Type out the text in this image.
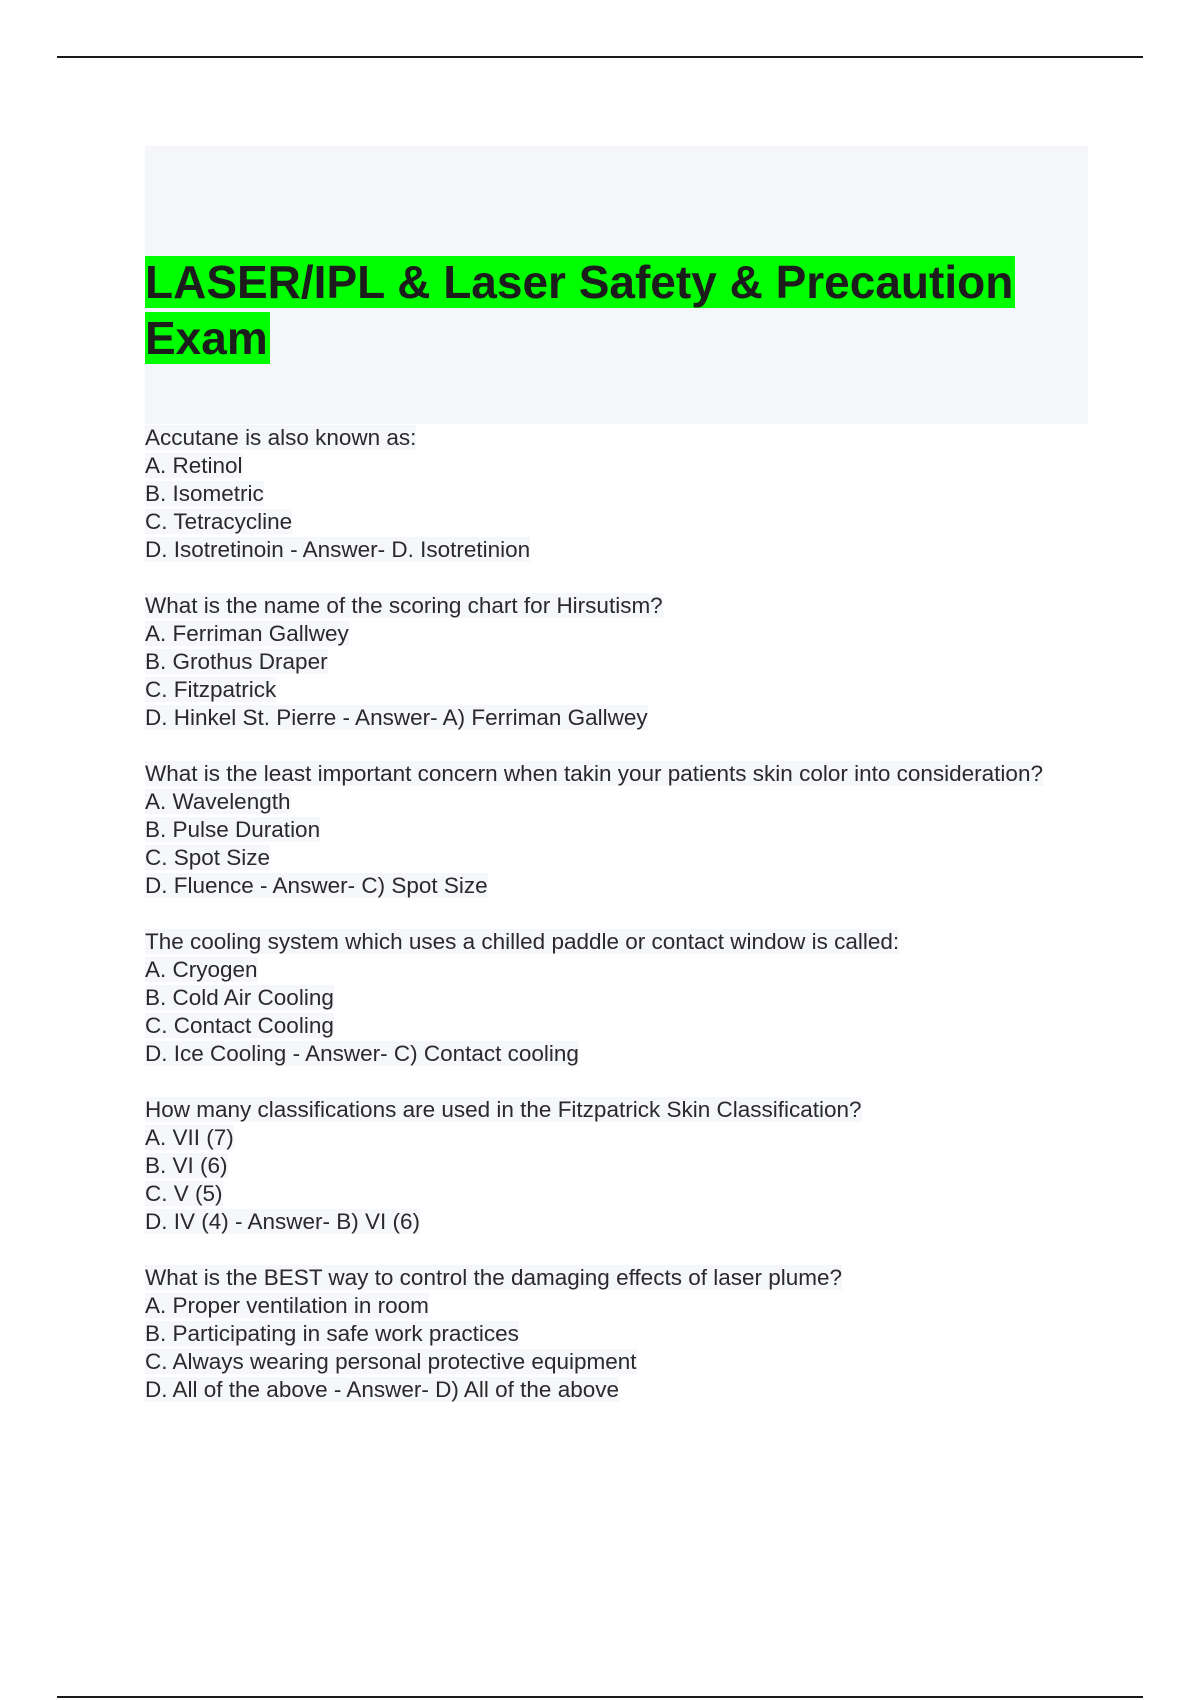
LASER/IPL & Laser Safety & Precaution Exam
Accutane is also known as:
A. Retinol
B. Isometric
C. Tetracycline
D. Isotretinoin - Answer- D. Isotretinion
What is the name of the scoring chart for Hirsutism?
A. Ferriman Gallwey
B. Grothus Draper
C. Fitzpatrick
D. Hinkel St. Pierre - Answer- A) Ferriman Gallwey
What is the least important concern when takin your patients skin color into consideration?
A. Wavelength
B. Pulse Duration
C. Spot Size
D. Fluence - Answer- C) Spot Size
The cooling system which uses a chilled paddle or contact window is called:
A. Cryogen
B. Cold Air Cooling
C. Contact Cooling
D. Ice Cooling - Answer- C) Contact cooling
How many classifications are used in the Fitzpatrick Skin Classification?
A. VII (7)
B. VI (6)
C. V (5)
D. IV (4) - Answer- B) VI (6)
What is the BEST way to control the damaging effects of laser plume?
A. Proper ventilation in room
B. Participating in safe work practices
C. Always wearing personal protective equipment
D. All of the above - Answer- D) All of the above
